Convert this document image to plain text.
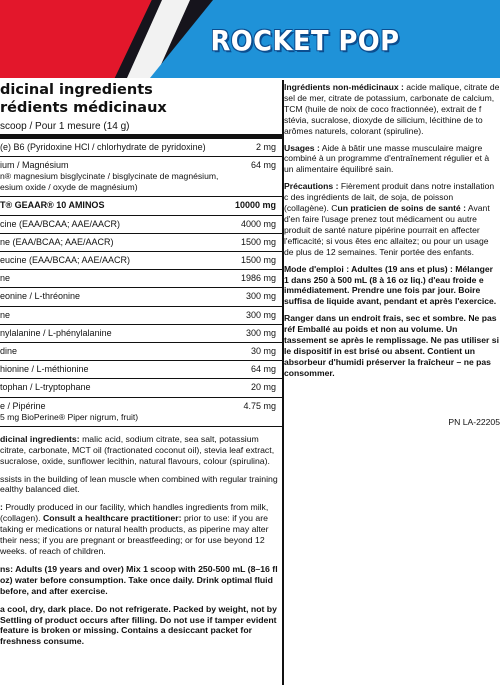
ROCKET POP
dicinal ingredients
rédients médicinaux
scoop / Pour 1 mesure (14 g)
(e) B6 (Pyridoxine HCl / chlorhydrate de pyridoxine)	2 mg
ium / Magnésium
n® magnesium bisglycinate / bisglycinate de magnésium,
esium oxide / oxyde de magnésium)
64 mg
T® GEAAR® 10 AMINOS	10000 mg
cine (EAA/BCAA; AAE/AACR)	4000 mg
ne (EAA/BCAA; AAE/AACR)	1500 mg
eucine (EAA/BCAA; AAE/AACR)	1500 mg
ne	1986 mg
eonine / L-thréonine	300 mg
ne	300 mg
nylalanine / L-phénylalanine	300 mg
dine	30 mg
hionine / L-méthionine	64 mg
tophan / L-tryptophane	20 mg
e / Pipérine
5 mg BioPerine® Piper nigrum, fruit)
4.75 mg
dicinal ingredients: malic acid, sodium citrate, sea salt, potassium citrate, carbonate, MCT oil (fractionated coconut oil), stevia leaf extract, sucralose, oxide, sunflower lecithin, natural flavours, colour (spirulina).
ssists in the building of lean muscle when combined with regular training ealthy balanced diet.
: Proudly produced in our facility, which handles ingredients from milk, (collagen). Consult a healthcare practitioner: prior to use: if you are taking er medications or natural health products, as piperine may alter their ness; if you are pregnant or breastfeeding; or for use beyond 12 weeks. of reach of children.
ns: Adults (19 years and over) Mix 1 scoop with 250-500 mL (8–16 fl oz) water before consumption. Take once daily. Drink optimal fluid before, and after exercise.
a cool, dry, dark place. Do not refrigerate. Packed by weight, not by Settling of product occurs after filling. Do not use if tamper evident feature is broken or missing. Contains a desiccant packet for freshness consume.
Ingrédients non-médicinaux : acide malique, citrate de sel de mer, citrate de potassium, carbonate de calcium, TCM (huile de noix de coco fractionnée), extrait de f stévia, sucralose, dioxyde de silicium, lécithine de to arômes naturels, colorant (spiruline).
Usages : Aide à bâtir une masse musculaire maigre combiné à un programme d'entraînement régulier et à un alimentaire équilibré sain.
Précautions : Fièrement produit dans notre installation c des ingrédients de lait, de soja, de poisson (collagène). Cun praticien de soins de santé : Avant d'en faire l'usage prenez tout médicament ou autre produit de santé nature pipérine pourrait en affecter l'efficacité; si vous êtes enc allaitez; ou pour un usage de plus de 12 semaines. Tenir portée des enfants.
Mode d'emploi : Adultes (19 ans et plus) : Mélanger 1 dans 250 à 500 mL (8 à 16 oz liq.) d'eau froide e immédiatement. Prendre une fois par jour. Boire suffisa de liquide avant, pendant et après l'exercice.
Ranger dans un endroit frais, sec et sombre. Ne pas réf Emballé au poids et non au volume. Un tassement se après le remplissage. Ne pas utiliser si le dispositif in est brisé ou absent. Contient un absorbeur d'humidi préserver la fraîcheur – ne pas consommer.
PN LA-22205
